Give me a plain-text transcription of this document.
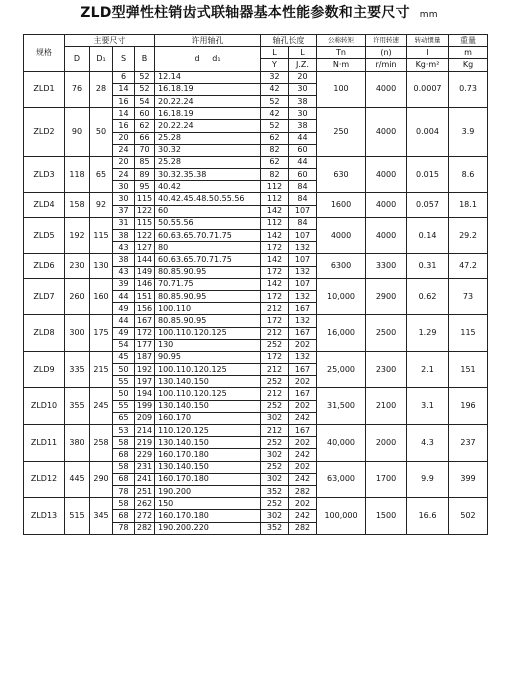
ZLD型弹性柱销齿式联轴器基本性能参数和主要尺寸 mm
规格	主要尺寸				许用轴孔	轴孔长度		公称转矩	许用转速	转动惯量	重量
	D	D₁	S	B	d d₁	L	L	Tn	(n)	I	m
						Y	J.Z.	N·m	r/min	Kg·m²	Kg
ZLD1	76	28	6	52	12.14	32	20	100	4000	0.0007	0.73
			14	52	16.18.19	42	30				
			16	54	20.22.24	52	38				
ZLD2	90	50	14	60	16.18.19	42	30	250	4000	0.004	3.9
			16	62	20.22.24	52	38				
			20	66	25.28	62	44				
			24	70	30.32	82	60				
ZLD3	118	65	20	85	25.28	62	44	630	4000	0.015	8.6
			24	89	30.32.35.38	82	60				
			30	95	40.42	112	84				
ZLD4	158	92	30	115	40.42.45.48.50.55.56	112	84	1600	4000	0.057	18.1
			37	122	60	142	107				
ZLD5	192	115	31	115	50.55.56	112	84	4000	4000	0.14	29.2
			38	122	60.63.65.70.71.75	142	107				
			43	127	80	172	132				
ZLD6	230	130	38	144	60.63.65.70.71.75	142	107	6300	3300	0.31	47.2
			43	149	80.85.90.95	172	132				
ZLD7	260	160	39	146	70.71.75	142	107	10,000	2900	0.62	73
			44	151	80.85.90.95	172	132				
			49	156	100.110	212	167				
ZLD8	300	175	44	167	80.85.90.95	172	132	16,000	2500	1.29	115
			49	172	100.110.120.125	212	167				
			54	177	130	252	202				
ZLD9	335	215	45	187	90.95	172	132	25,000	2300	2.1	151
			50	192	100.110.120.125	212	167				
			55	197	130.140.150	252	202				
ZLD10	355	245	50	194	100.110.120.125	212	167	31,500	2100	3.1	196
			55	199	130.140.150	252	202				
			65	209	160.170	302	242				
ZLD11	380	258	53	214	110.120.125	212	167	40,000	2000	4.3	237
			58	219	130.140.150	252	202				
			68	229	160.170.180	302	242				
ZLD12	445	290	58	231	130.140.150	252	202	63,000	1700	9.9	399
			68	241	160.170.180	302	242				
			78	251	190.200	352	282				
ZLD13	515	345	58	262	150	252	202	100,000	1500	16.6	502
			68	272	160.170.180	302	242				
			78	282	190.200.220	352	282				
